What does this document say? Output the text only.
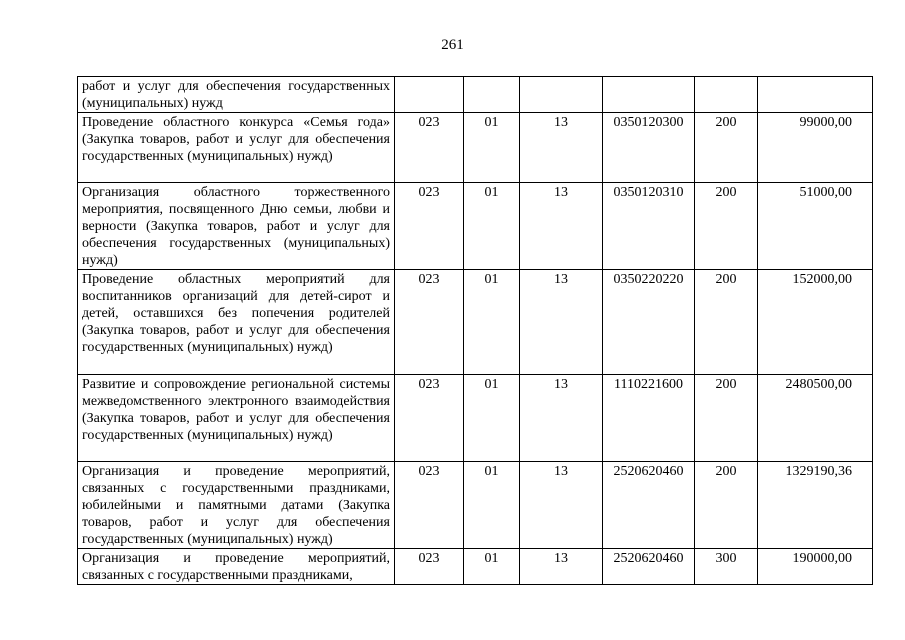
261
работ и услуг для обеспечения государственных (муниципальных) нужд						
Проведение областного конкурса «Семья года» (Закупка товаров, работ и услуг для обеспечения государственных (муниципальных) нужд)	023	01	13	0350120300	200	99000,00
Организация областного торжественного мероприятия, посвященного Дню семьи, любви и верности (Закупка товаров, работ и услуг для обеспечения государственных (муниципальных) нужд)	023	01	13	0350120310	200	51000,00
Проведение областных мероприятий для воспитанников организаций для детей-сирот и детей, оставшихся без попечения родителей (Закупка товаров, работ и услуг для обеспечения государственных (муниципальных) нужд)	023	01	13	0350220220	200	152000,00
Развитие и сопровождение региональной системы межведомственного электронного взаимодействия (Закупка товаров, работ и услуг для обеспечения государственных (муниципальных) нужд)	023	01	13	1110221600	200	2480500,00
Организация и проведение мероприятий, связанных с государственными праздниками, юбилейными и памятными датами (Закупка товаров, работ и услуг для обеспечения государственных (муниципальных) нужд)	023	01	13	2520620460	200	1329190,36
Организация и проведение мероприятий, связанных с государственными праздниками,	023	01	13	2520620460	300	190000,00
